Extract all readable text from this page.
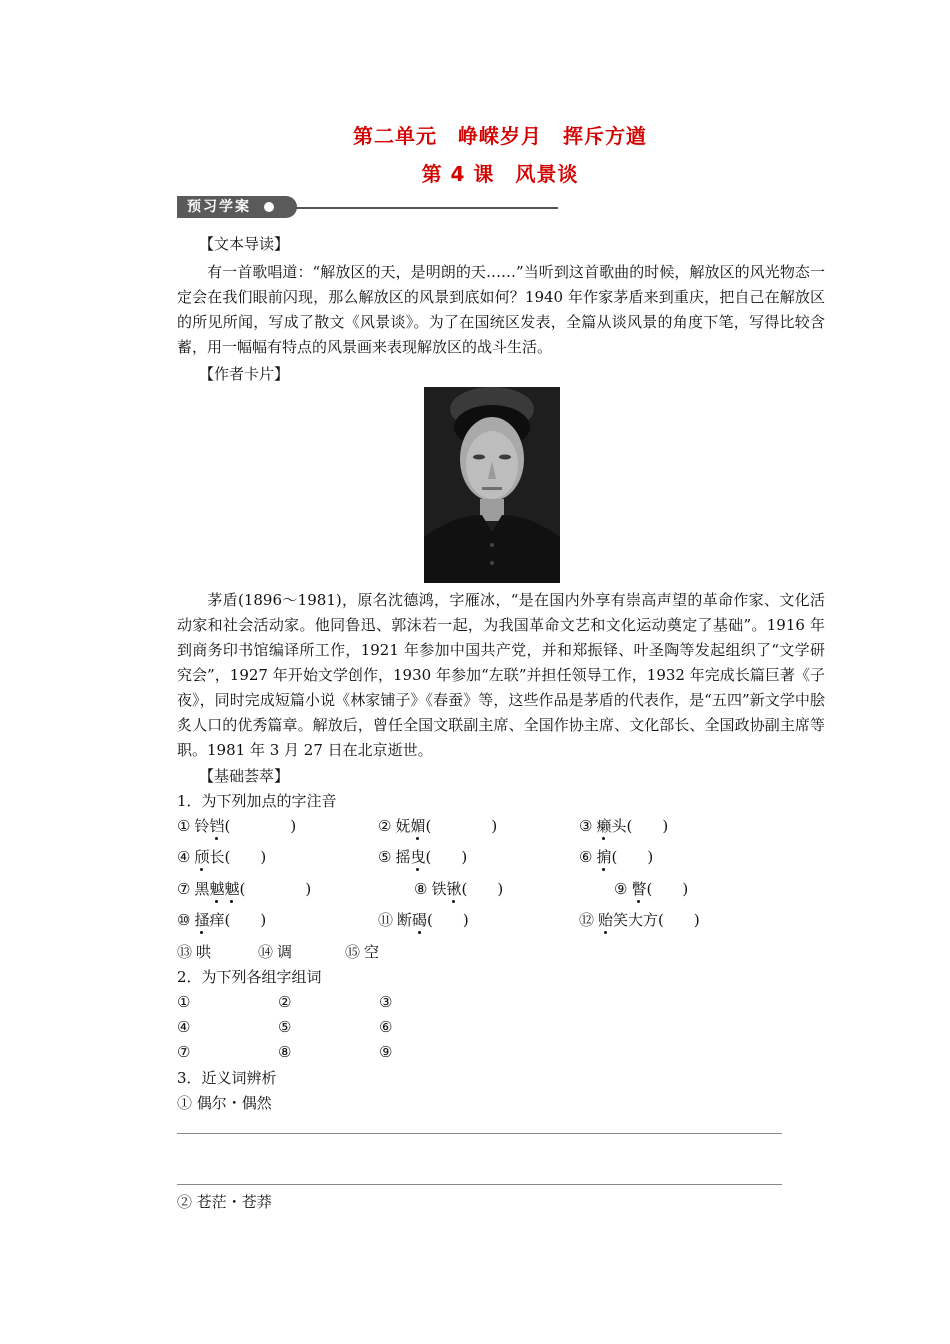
第二单元　峥嵘岁月　挥斥方遒
第 4 课　风景谈
预习学案
【文本导读】
有一首歌唱道：“解放区的天，是明朗的天……”当听到这首歌曲的时候，解放区的风光物态一定会在我们眼前闪现，那么解放区的风景到底如何？1940 年作家茅盾来到重庆，把自己在解放区的所见所闻，写成了散文《风景谈》。为了在国统区发表，全篇从谈风景的角度下笔，写得比较含蓄，用一幅幅有特点的风景画来表现解放区的战斗生活。
【作者卡片】
茅盾(1896～1981)，原名沈德鸿，字雁冰，“是在国内外享有崇高声望的革命作家、文化活动家和社会活动家。他同鲁迅、郭沫若一起，为我国革命文艺和文化运动奠定了基础”。1916 年到商务印书馆编译所工作，1921 年参加中国共产党，并和郑振铎、叶圣陶等发起组织了“文学研究会”，1927 年开始文学创作，1930 年参加“左联”并担任领导工作，1932 年完成长篇巨著《子夜》，同时完成短篇小说《林家铺子》《春蚕》等，这些作品是茅盾的代表作，是“五四”新文学中脍炙人口的优秀篇章。解放后，曾任全国文联副主席、全国作协主席、文化部长、全国政协副主席等职。1981 年 3 月 27 日在北京逝世。
【基础荟萃】
1．为下列加点的字注音
① 铃铛(　　　　)	② 妩媚(　　　　)	③ 癞头(　　)
④ 颀长(　　)	⑤ 摇曳(　　)	⑥ 掮(　　)
⑦ 黑魆魆(　　　　)	⑧ 铁锹(　　)	⑨ 瞥(　　)
⑩ 搔痒(　　)	⑪ 断碣(　　)	⑫ 贻笑大方(　　)
⑬ 哄	⑭ 调	⑮ 空
2．为下列各组字组词
①	②	③
④	⑤	⑥
⑦	⑧	⑨
3．近义词辨析
① 偶尔・偶然
② 苍茫・苍莽
